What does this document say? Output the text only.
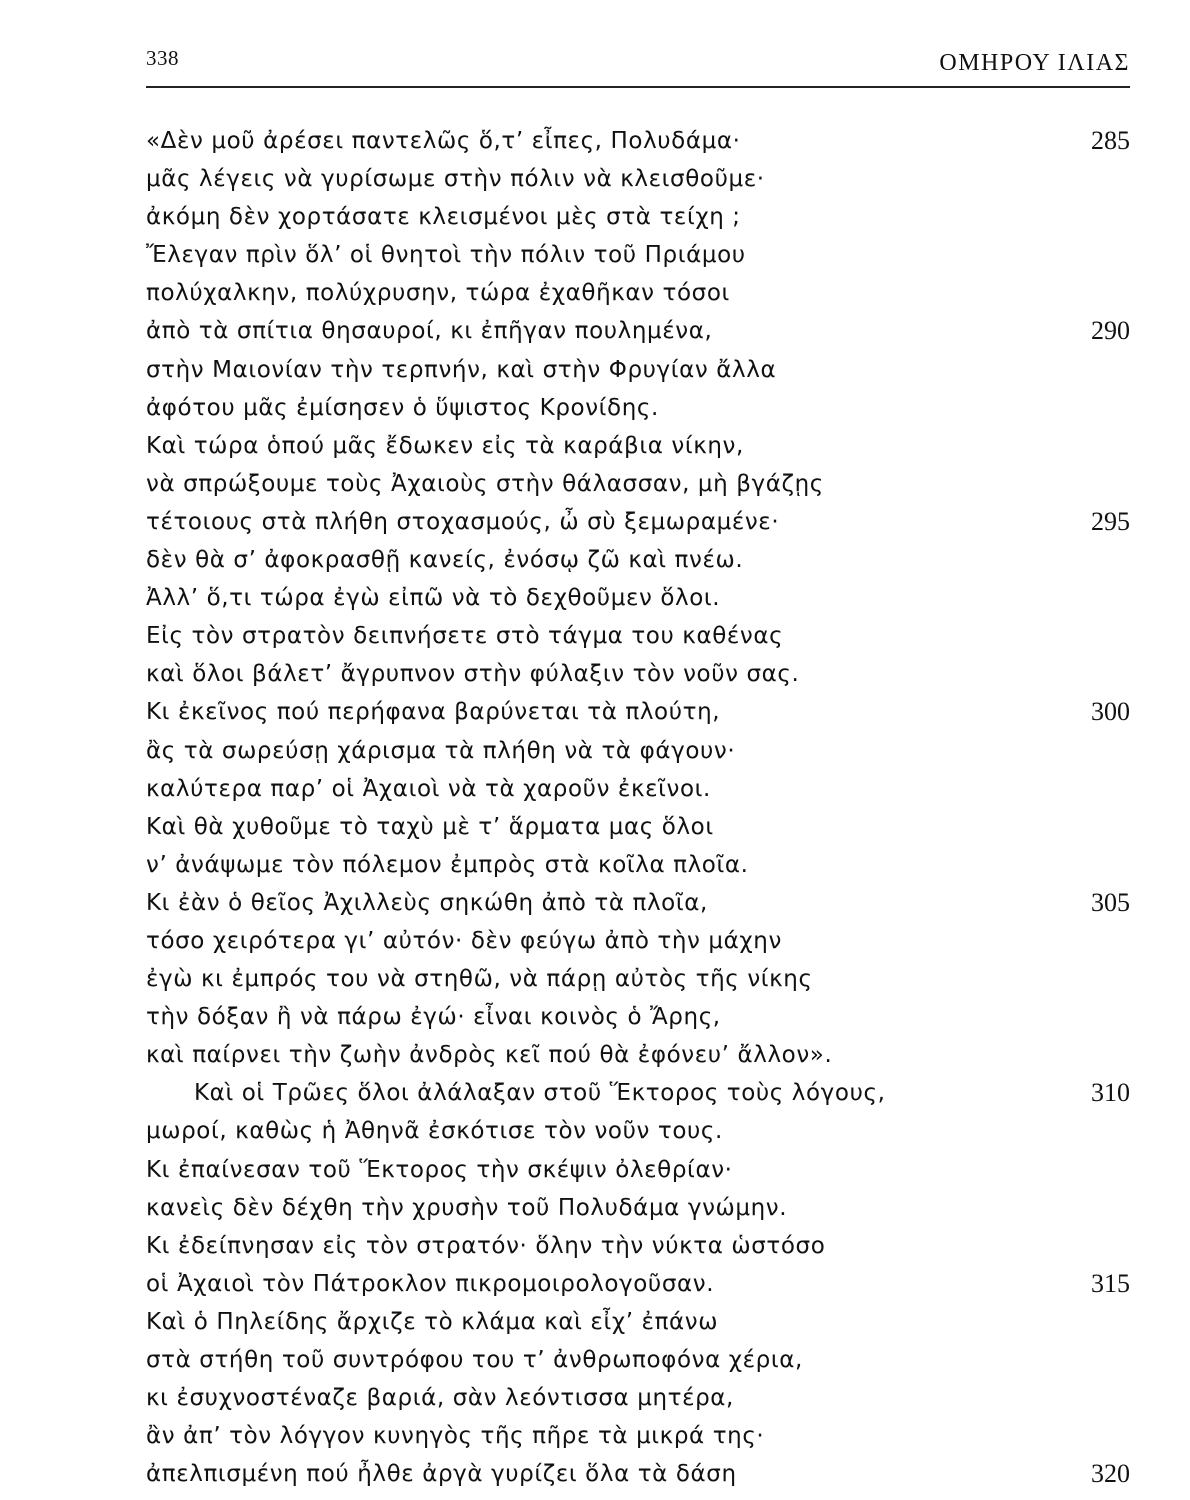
338	ΟΜΗΡΟΥ ΙΛΙΑΣ
«Δὲν μοῦ ἀρέσει παντελῶς ὅ,τ’ εἶπες, Πολυδάμα·	285
μᾶς λέγεις νὰ γυρίσωμε στὴν πόλιν νὰ κλεισθοῦμε·
ἀκόμη δὲν χορτάσατε κλεισμένοι μὲς στὰ τείχη ;
Ἔλεγαν πρὶν ὅλ’ οἱ θνητοὶ τὴν πόλιν τοῦ Πριάμου
πολύχαλκην, πολύχρυσην, τώρα ἐχαθῆκαν τόσοι
ἀπὸ τὰ σπίτια θησαυροί, κι ἐπῆγαν πουλημένα,	290
στὴν Μαιονίαν τὴν τερπνήν, καὶ στὴν Φρυγίαν ἄλλα
ἀφότου μᾶς ἐμίσησεν ὁ ὕψιστος Κρονίδης.
Καὶ τώρα ὁπού μᾶς ἔδωκεν εἰς τὰ καράβια νίκην,
νὰ σπρώξουμε τοὺς Ἀχαιοὺς στὴν θάλασσαν, μὴ βγάζῃς
τέτοιους στὰ πλήθη στοχασμούς, ὦ σὺ ξεμωραμένε·	295
δὲν θὰ σ’ ἀφοκρασθῇ κανείς, ἐνόσῳ ζῶ καὶ πνέω.
Ἀλλ’ ὅ,τι τώρα ἐγὼ εἰπῶ νὰ τὸ δεχθοῦμεν ὅλοι.
Εἰς τὸν στρατὸν δειπνήσετε στὸ τάγμα του καθένας
καὶ ὅλοι βάλετ’ ἄγρυπνον στὴν φύλαξιν τὸν νοῦν σας.
Κι ἐκεῖνος πού περήφανα βαρύνεται τὰ πλούτη,	300
ἂς τὰ σωρεύσῃ χάρισμα τὰ πλήθη νὰ τὰ φάγουν·
καλύτερα παρ’ οἱ Ἀχαιοὶ νὰ τὰ χαροῦν ἐκεῖνοι.
Καὶ θὰ χυθοῦμε τὸ ταχὺ μὲ τ’ ἅρματα μας ὅλοι
ν’ ἀνάψωμε τὸν πόλεμον ἐμπρὸς στὰ κοῖλα πλοῖα.
Κι ἐὰν ὁ θεῖος Ἀχιλλεὺς σηκώθη ἀπὸ τὰ πλοῖα,	305
τόσο χειρότερα γι’ αὐτόν· δὲν φεύγω ἀπὸ τὴν μάχην
ἐγὼ κι ἐμπρός του νὰ στηθῶ, νὰ πάρῃ αὐτὸς τῆς νίκης
τὴν δόξαν ἢ νὰ πάρω ἐγώ· εἶναι κοινὸς ὁ Ἄρης,
καὶ παίρνει τὴν ζωὴν ἀνδρὸς κεῖ πού θὰ ἐφόνευ’ ἄλλον».
Καὶ οἱ Τρῶες ὅλοι ἀλάλαξαν στοῦ Ἕκτορος τοὺς λόγους,	310
μωροί, καθὼς ἡ Ἀθηνᾶ ἐσκότισε τὸν νοῦν τους.
Κι ἐπαίνεσαν τοῦ Ἕκτορος τὴν σκέψιν ὀλεθρίαν·
κανεὶς δὲν δέχθη τὴν χρυσὴν τοῦ Πολυδάμα γνώμην.
Κι ἐδείπνησαν εἰς τὸν στρατόν· ὅλην τὴν νύκτα ὡστόσο
οἱ Ἀχαιοὶ τὸν Πάτροκλον πικρομοιρολογοῦσαν.	315
Καὶ ὁ Πηλείδης ἄρχιζε τὸ κλάμα καὶ εἶχ’ ἐπάνω
στὰ στήθη τοῦ συντρόφου του τ’ ἀνθρωποφόνα χέρια,
κι ἐσυχνοστέναζε βαριά, σὰν λεόντισσα μητέρα,
ἂν ἀπ’ τὸν λόγγον κυνηγὸς τῆς πῆρε τὰ μικρά της·
ἀπελπισμένη πού ἦλθε ἀργὰ γυρίζει ὅλα τὰ δάση	320
